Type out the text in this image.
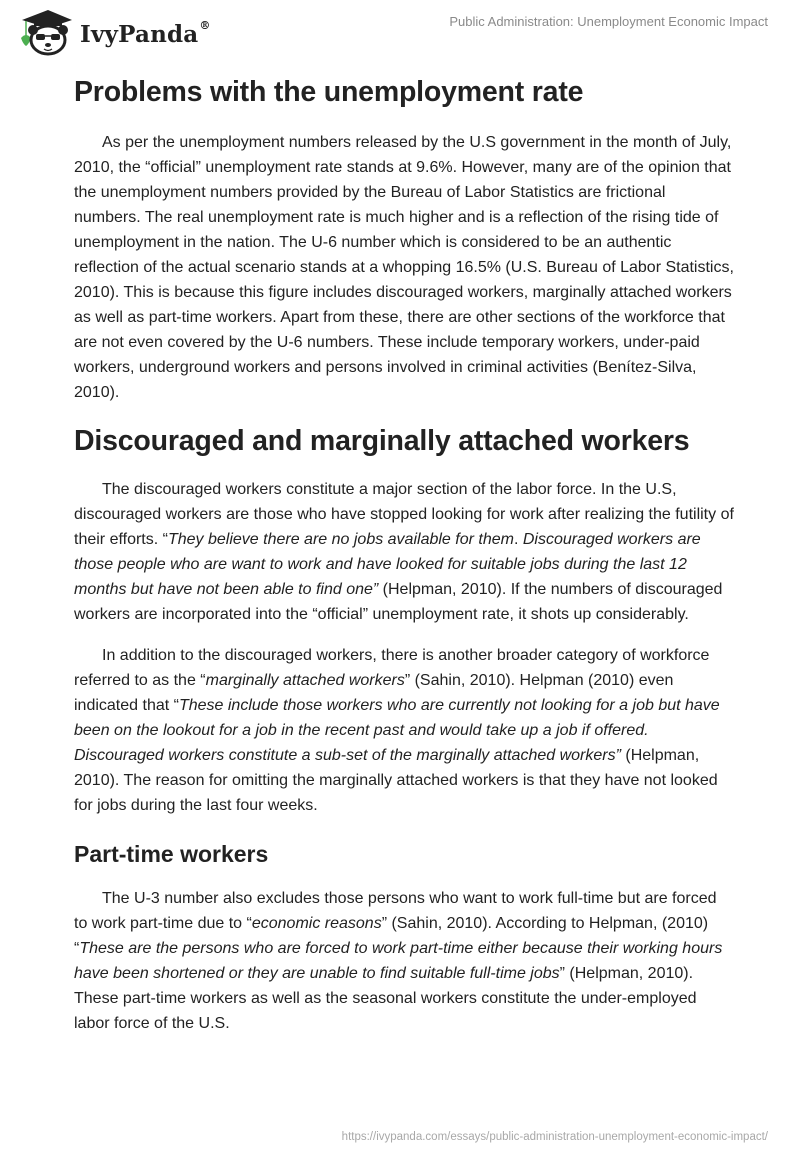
IvyPanda®	Public Administration: Unemployment Economic Impact
Problems with the unemployment rate

As per the unemployment numbers released by the U.S government in the month of July, 2010, the “official” unemployment rate stands at 9.6%. However, many are of the opinion that the unemployment numbers provided by the Bureau of Labor Statistics are frictional numbers. The real unemployment rate is much higher and is a reflection of the rising tide of unemployment in the nation. The U-6 number which is considered to be an authentic reflection of the actual scenario stands at a whopping 16.5% (U.S. Bureau of Labor Statistics, 2010). This is because this figure includes discouraged workers, marginally attached workers as well as part-time workers. Apart from these, there are other sections of the workforce that are not even covered by the U-6 numbers. These include temporary workers, under-paid workers, underground workers and persons involved in criminal activities (Benítez-Silva, 2010).

Discouraged and marginally attached workers

The discouraged workers constitute a major section of the labor force. In the U.S, discouraged workers are those who have stopped looking for work after realizing the futility of their efforts. “They believe there are no jobs available for them. Discouraged workers are those people who are want to work and have looked for suitable jobs during the last 12 months but have not been able to find one” (Helpman, 2010). If the numbers of discouraged workers are incorporated into the “official” unemployment rate, it shots up considerably.

In addition to the discouraged workers, there is another broader category of workforce referred to as the “marginally attached workers” (Sahin, 2010). Helpman (2010) even indicated that “These include those workers who are currently not looking for a job but have been on the lookout for a job in the recent past and would take up a job if offered. Discouraged workers constitute a sub-set of the marginally attached workers” (Helpman, 2010). The reason for omitting the marginally attached workers is that they have not looked for jobs during the last four weeks.

Part-time workers

The U-3 number also excludes those persons who want to work full-time but are forced to work part-time due to “economic reasons” (Sahin, 2010). According to Helpman, (2010) “These are the persons who are forced to work part-time either because their working hours have been shortened or they are unable to find suitable full-time jobs” (Helpman, 2010). These part-time workers as well as the seasonal workers constitute the under-employed labor force of the U.S.

https://ivypanda.com/essays/public-administration-unemployment-economic-impact/
